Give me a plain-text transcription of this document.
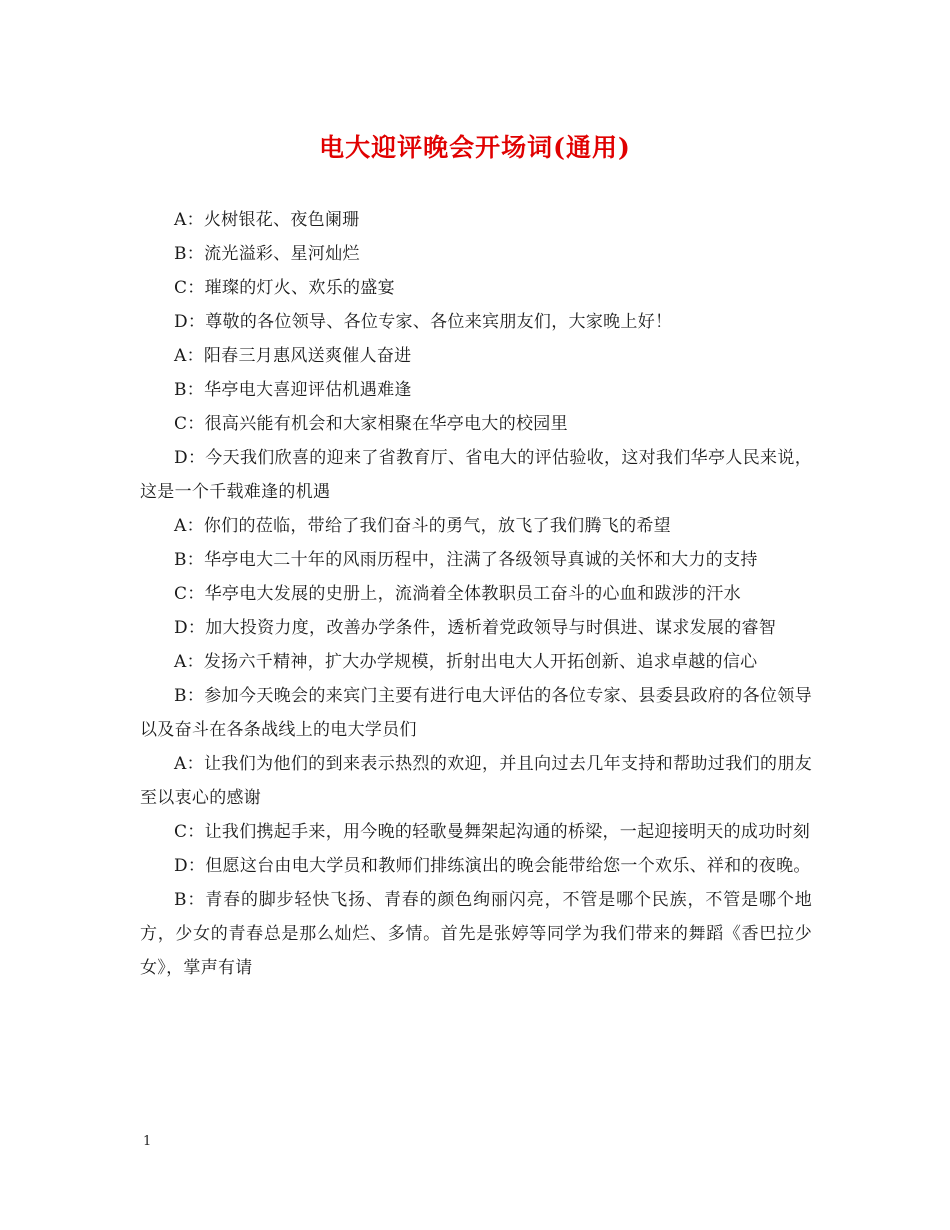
电大迎评晚会开场词(通用)

A：火树银花、夜色阑珊

B：流光溢彩、星河灿烂

C：璀璨的灯火、欢乐的盛宴

D：尊敬的各位领导、各位专家、各位来宾朋友们，大家晚上好！

A：阳春三月惠风送爽催人奋进

B：华亭电大喜迎评估机遇难逢

C：很高兴能有机会和大家相聚在华亭电大的校园里

D：今天我们欣喜的迎来了省教育厅、省电大的评估验收，这对我们华亭人民来说，这是一个千载难逢的机遇

A：你们的莅临，带给了我们奋斗的勇气，放飞了我们腾飞的希望

B：华亭电大二十年的风雨历程中，注满了各级领导真诚的关怀和大力的支持

C：华亭电大发展的史册上，流淌着全体教职员工奋斗的心血和跋涉的汗水

D：加大投资力度，改善办学条件，透析着党政领导与时俱进、谋求发展的睿智

A：发扬六千精神，扩大办学规模，折射出电大人开拓创新、追求卓越的信心

B：参加今天晚会的来宾门主要有进行电大评估的各位专家、县委县政府的各位领导以及奋斗在各条战线上的电大学员们

A：让我们为他们的到来表示热烈的欢迎，并且向过去几年支持和帮助过我们的朋友至以衷心的感谢

C：让我们携起手来，用今晚的轻歌曼舞架起沟通的桥梁，一起迎接明天的成功时刻

D：但愿这台由电大学员和教师们排练演出的晚会能带给您一个欢乐、祥和的夜晚。

B：青春的脚步轻快飞扬、青春的颜色绚丽闪亮，不管是哪个民族，不管是哪个地方，少女的青春总是那么灿烂、多情。首先是张婷等同学为我们带来的舞蹈《香巴拉少女》，掌声有请

1
